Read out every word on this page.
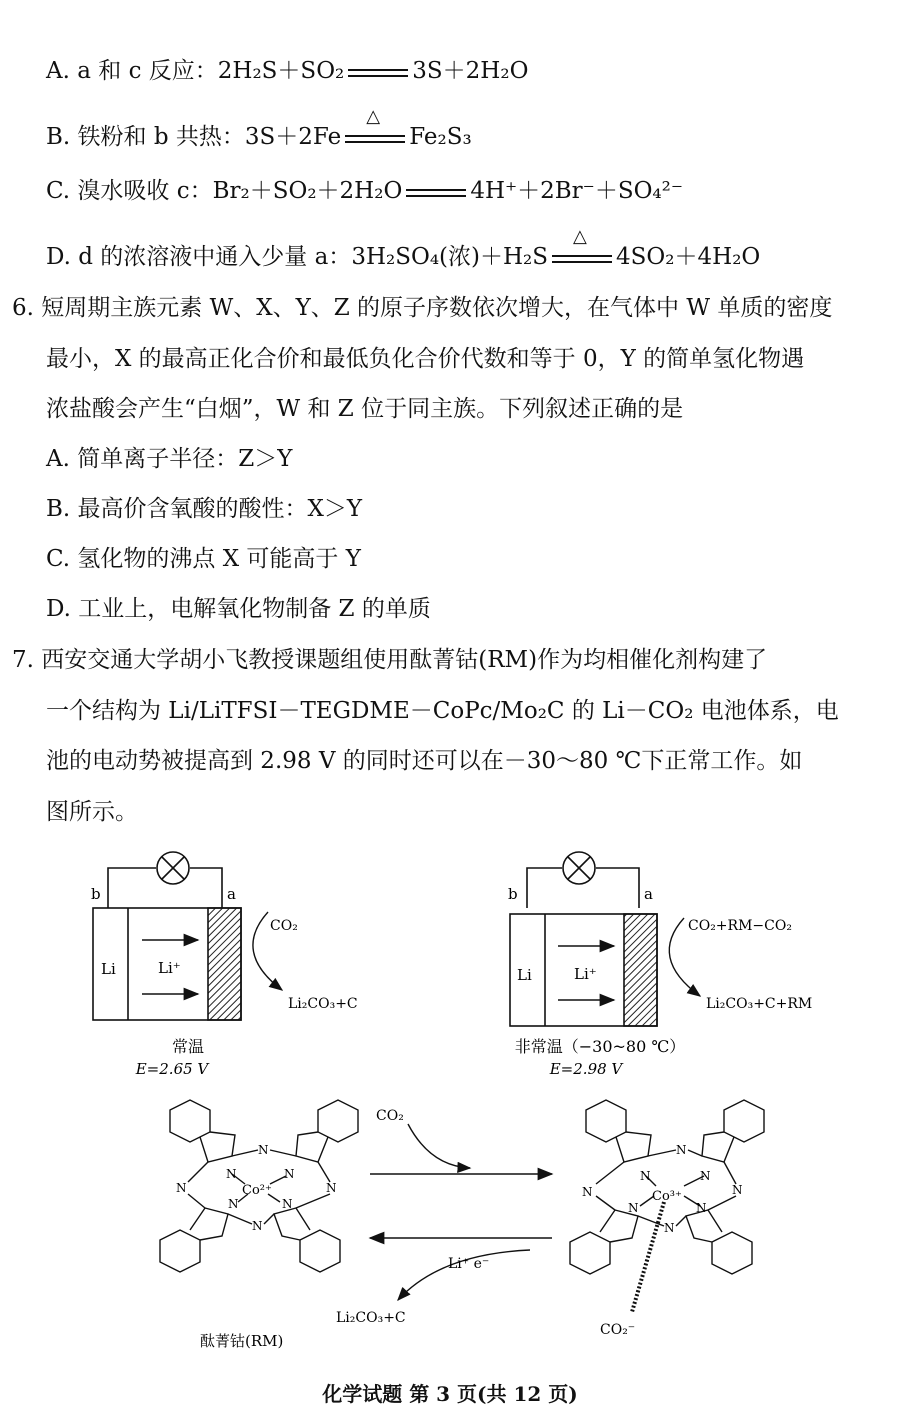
A. a 和 c 反应：2H₂S＋SO₂	3S＋2H₂O
B. 铁粉和 b 共热：3S＋2Fe
△
Fe₂S₃
C. 溴水吸收 c：Br₂＋SO₂＋2H₂O	4H⁺＋2Br⁻＋SO₄²⁻
D. d 的浓溶液中通入少量 a：3H₂SO₄(浓)＋H₂S
△
4SO₂＋4H₂O
6. 短周期主族元素 W、X、Y、Z 的原子序数依次增大，在气体中 W 单质的密度
最小，X 的最高正化合价和最低负化合价代数和等于 0，Y 的简单氢化物遇
浓盐酸会产生“白烟”，W 和 Z 位于同主族。下列叙述正确的是
A. 简单离子半径：Z＞Y
B. 最高价含氧酸的酸性：X＞Y
C. 氢化物的沸点 X 可能高于 Y
D. 工业上，电解氧化物制备 Z 的单质
7. 西安交通大学胡小飞教授课题组使用酞菁钴(RM)作为均相催化剂构建了
一个结构为 Li/LiTFSI－TEGDME－CoPc/Mo₂C 的 Li－CO₂ 电池体系，电
池的电动势被提高到 2.98 V 的同时还可以在－30～80 ℃下正常工作。如
图所示。
b	a
Li	Li⁺
CO₂
Li₂CO₃+C
常温
E=2.65 V
b	a
Li	Li⁺
CO₂+RM−CO₂
Li₂CO₃+C+RM
非常温（−30~80 ℃）
E=2.98 V
N
N	N
N
N	N
N	N
Co²⁺
N
N	N
N
N	N
N	N
Co³⁺
CO₂⁻
CO₂
Li⁺ e⁻
Li₂CO₃+C
酞菁钴(RM)
化学试题 第 3 页(共 12 页)
